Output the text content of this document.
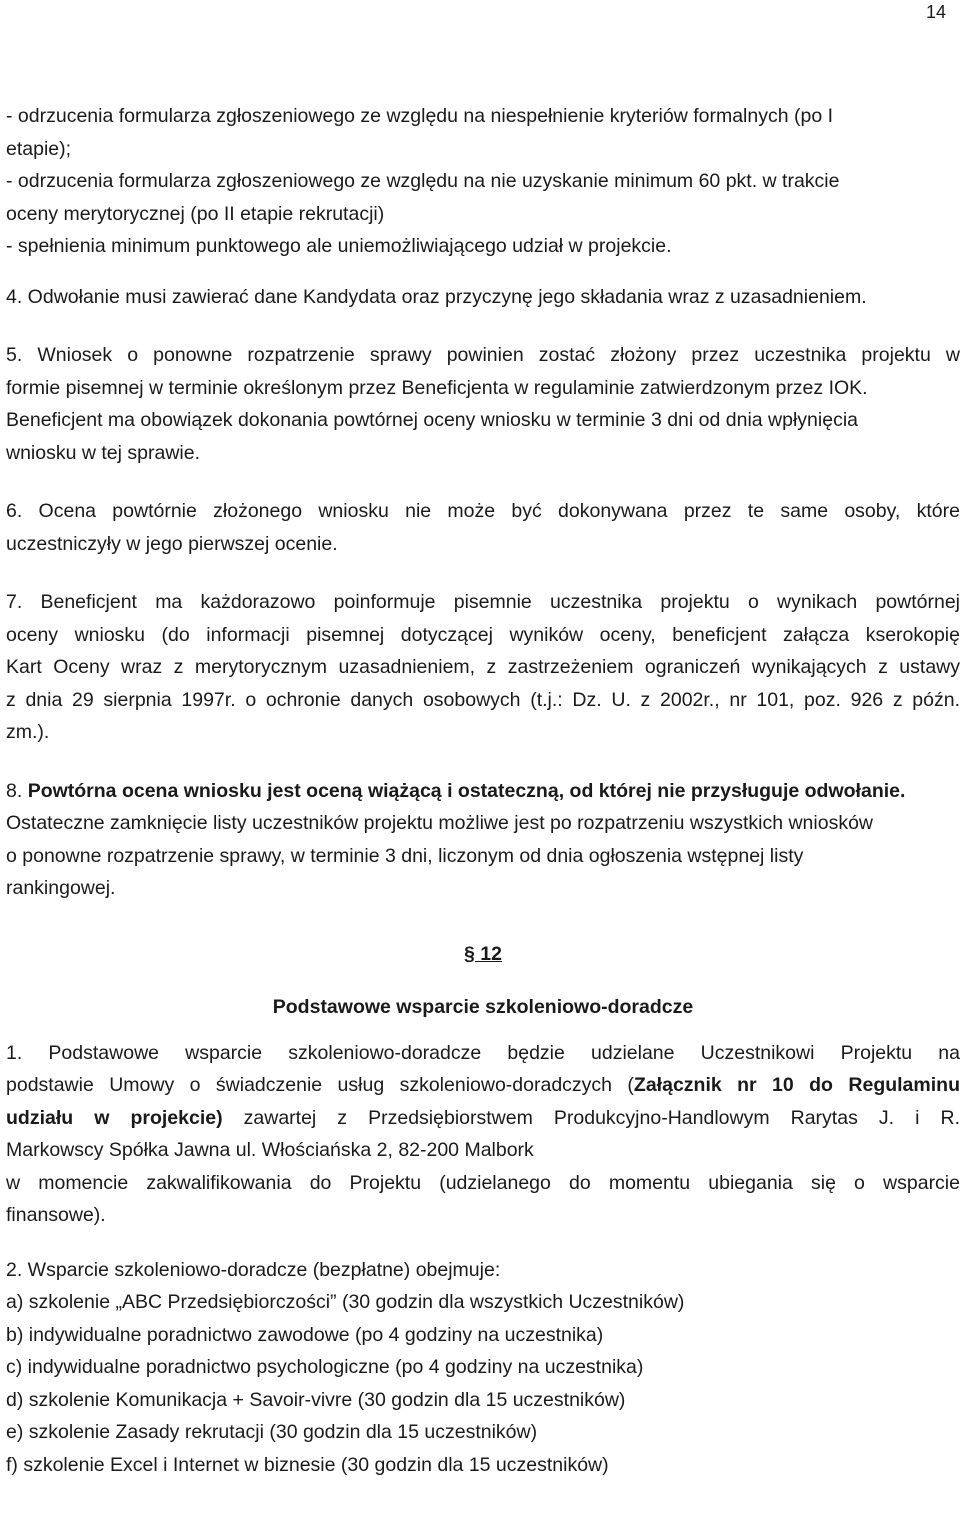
14
- odrzucenia formularza zgłoszeniowego ze względu na niespełnienie kryteriów formalnych (po I
etapie);
- odrzucenia formularza zgłoszeniowego ze względu na nie uzyskanie minimum 60 pkt. w trakcie
oceny merytorycznej (po II etapie rekrutacji)
- spełnienia minimum punktowego ale uniemożliwiającego udział w projekcie.
4. Odwołanie musi zawierać dane Kandydata oraz przyczynę jego składania wraz z uzasadnieniem.
5. Wniosek o ponowne rozpatrzenie sprawy powinien zostać złożony przez uczestnika projektu w
formie pisemnej w terminie określonym przez Beneficjenta w regulaminie zatwierdzonym przez IOK.
Beneficjent ma obowiązek dokonania powtórnej oceny wniosku w terminie 3 dni od dnia wpłynięcia
wniosku w tej sprawie.
6. Ocena powtórnie złożonego wniosku nie może być dokonywana przez te same osoby, które
uczestniczyły w jego pierwszej ocenie.
7. Beneficjent ma każdorazowo poinformuje pisemnie uczestnika projektu o wynikach powtórnej
oceny wniosku (do informacji pisemnej dotyczącej wyników oceny, beneficjent załącza kserokopię
Kart Oceny wraz z merytorycznym uzasadnieniem, z zastrzeżeniem ograniczeń wynikających z ustawy
z dnia 29 sierpnia 1997r. o ochronie danych osobowych (t.j.: Dz. U. z 2002r., nr 101, poz. 926 z późn.
zm.).
8. Powtórna ocena wniosku jest oceną wiążącą i ostateczną, od której nie przysługuje odwołanie.
Ostateczne zamknięcie listy uczestników projektu możliwe jest po rozpatrzeniu wszystkich wniosków
o ponowne rozpatrzenie sprawy, w terminie 3 dni, liczonym od dnia ogłoszenia wstępnej listy
rankingowej.
§ 12
Podstawowe wsparcie szkoleniowo-doradcze
1. Podstawowe wsparcie szkoleniowo-doradcze będzie udzielane Uczestnikowi Projektu na
podstawie Umowy o świadczenie usług szkoleniowo-doradczych (Załącznik nr 10 do Regulaminu
udziału w projekcie) zawartej z Przedsiębiorstwem Produkcyjno-Handlowym Rarytas J. i R.
Markowscy Spółka Jawna ul. Włościańska 2, 82-200 Malbork
w momencie zakwalifikowania do Projektu (udzielanego do momentu ubiegania się o wsparcie
finansowe).
2. Wsparcie szkoleniowo-doradcze (bezpłatne) obejmuje:
a) szkolenie „ABC Przedsiębiorczości” (30 godzin dla wszystkich Uczestników)
b) indywidualne poradnictwo zawodowe (po 4 godziny na uczestnika)
c) indywidualne poradnictwo psychologiczne (po 4 godziny na uczestnika)
d) szkolenie Komunikacja + Savoir-vivre (30 godzin dla 15 uczestników)
e) szkolenie Zasady rekrutacji (30 godzin dla 15 uczestników)
f) szkolenie Excel i Internet w biznesie (30 godzin dla 15 uczestników)
